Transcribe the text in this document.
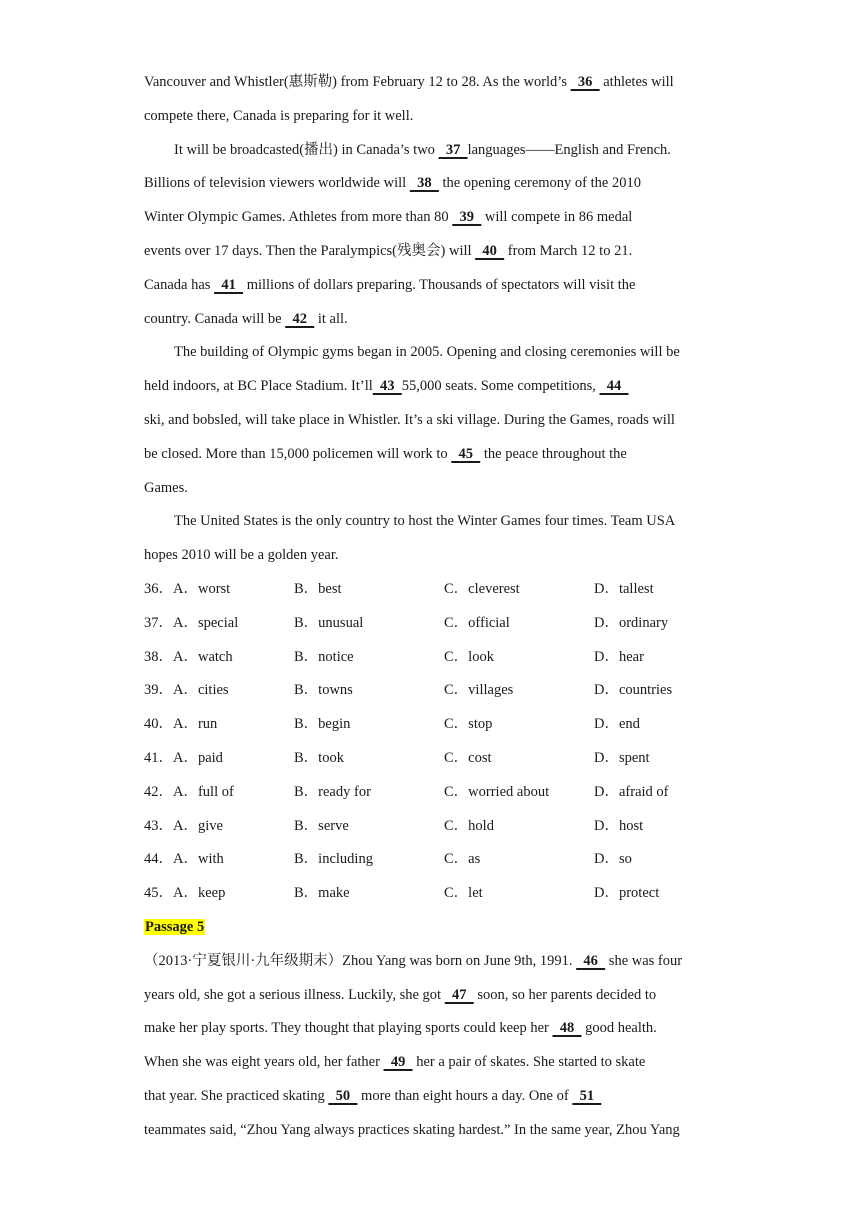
Vancouver and Whistler(惠斯勒) from February 12 to 28. As the world’s   36   athletes will
compete there, Canada is preparing for it well.
It will be broadcasted(播出) in Canada’s two   37  languages——English and French.
Billions of television viewers worldwide will   38   the opening ceremony of the 2010
Winter Olympic Games. Athletes from more than 80   39   will compete in 86 medal
events over 17 days. Then the Paralympics(残奥会) will   40   from March 12 to 21.
Canada has   41   millions of dollars preparing. Thousands of spectators will visit the
country. Canada will be   42   it all.
The building of Olympic gyms began in 2005. Opening and closing ceremonies will be
held indoors, at BC Place Stadium. It’ll  43  55,000 seats. Some competitions,   44
ski, and bobsled, will take place in Whistler. It’s a ski village. During the Games, roads will
be closed. More than 15,000 policemen will work to   45   the peace throughout the
Games.
The United States is the only country to host the Winter Games four times. Team USA
hopes 2010 will be a golden year.
36．A．worst	B．best	C．cleverest	D．tallest
37．A．special	B．unusual	C．official	D．ordinary
38．A．watch	B．notice	C．look	D．hear
39．A．cities	B．towns	C．villages	D．countries
40．A．run	B．begin	C．stop	D．end
41．A．paid	B．took	C．cost	D．spent
42．A．full of	B．ready for	C．worried about	D．afraid of
43．A．give	B．serve	C．hold	D．host
44．A．with	B．including	C．as	D．so
45．A．keep	B．make	C．let	D．protect
Passage 5
（2013·宁夏银川·九年级期末）Zhou Yang was born on June 9th, 1991.   46   she was four
years old, she got a serious illness. Luckily, she got   47   soon, so her parents decided to
make her play sports. They thought that playing sports could keep her   48   good health.
When she was eight years old, her father   49   her a pair of skates. She started to skate
that year. She practiced skating   50   more than eight hours a day. One of   51
teammates said, “Zhou Yang always practices skating hardest.” In the same year, Zhou Yang
